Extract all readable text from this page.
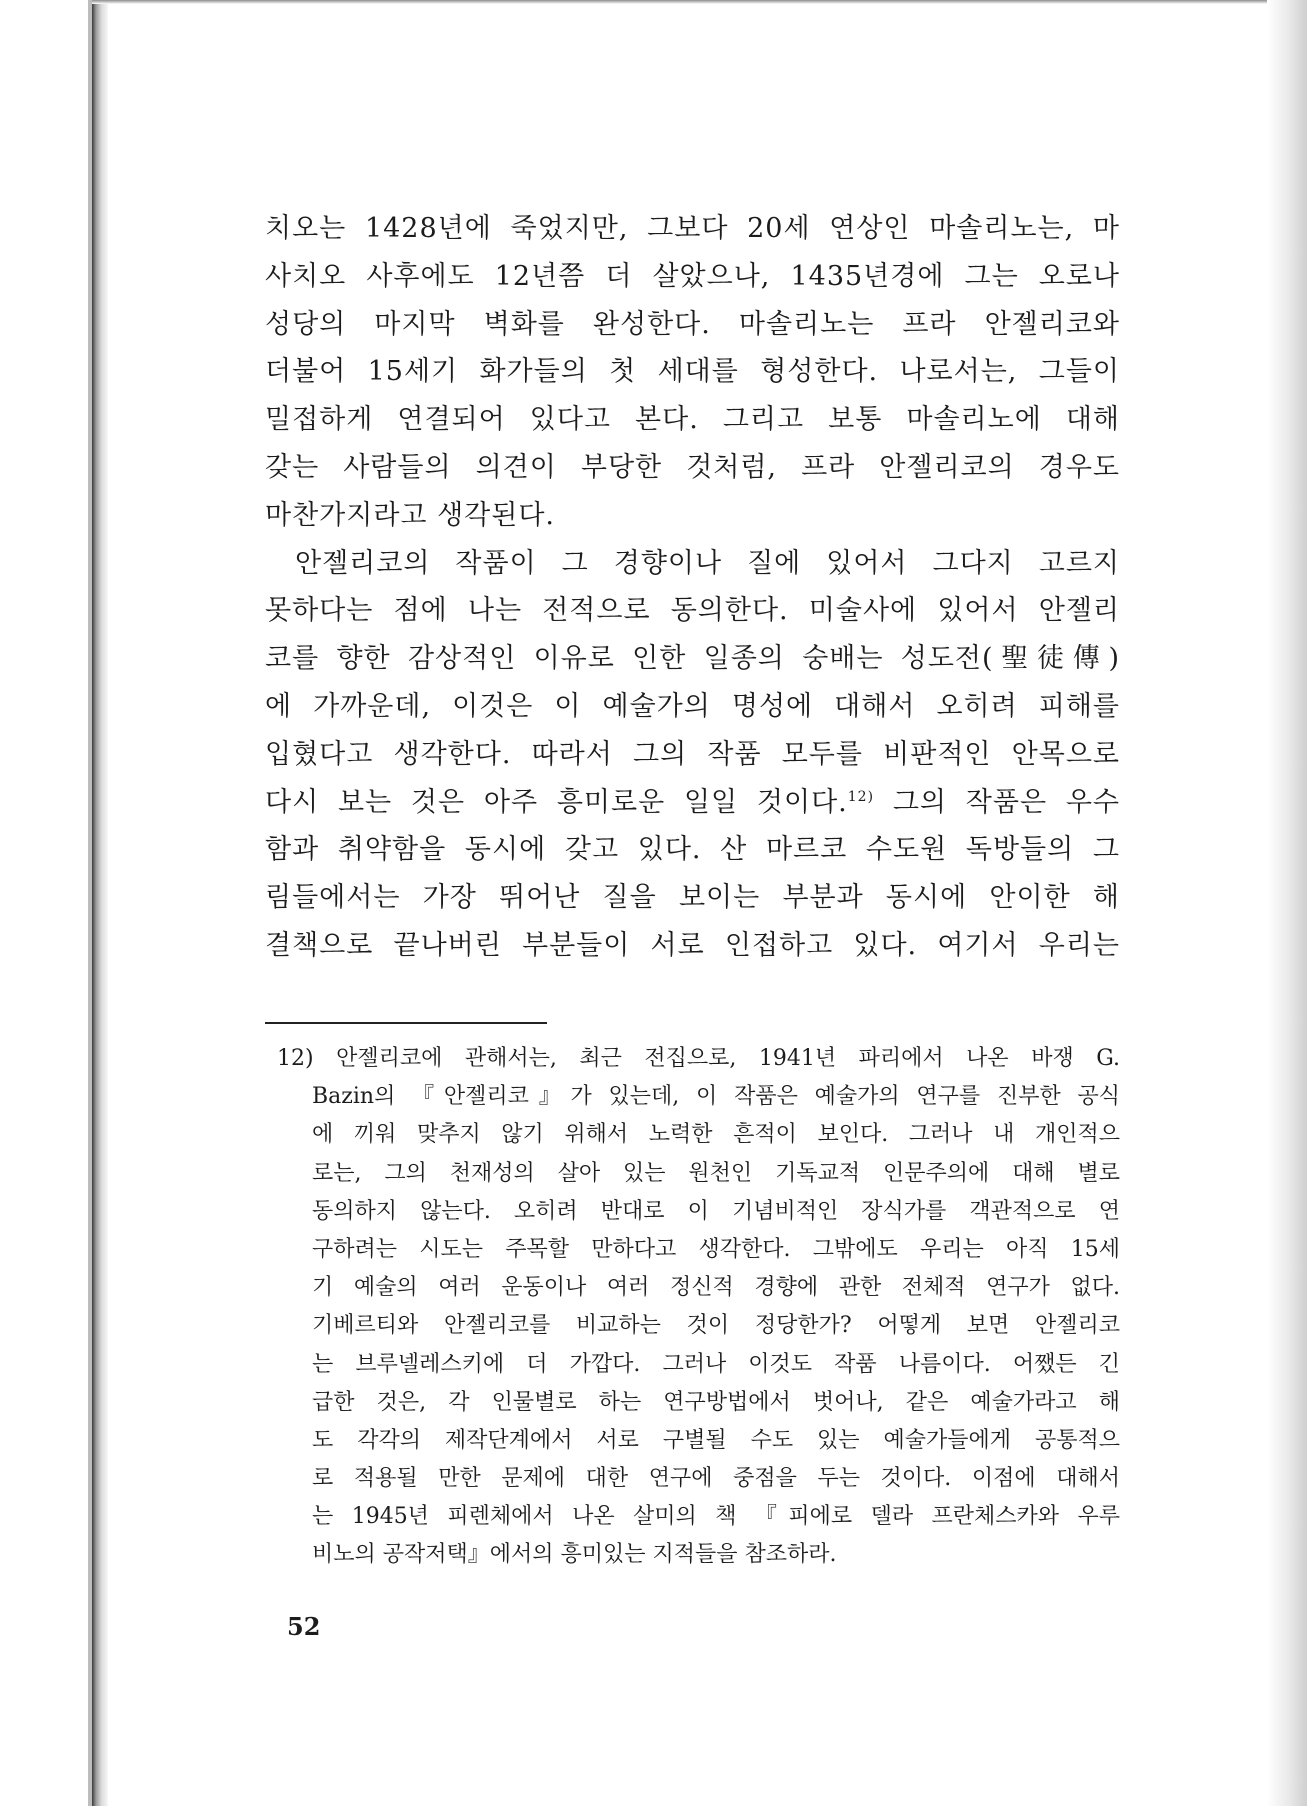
치오는 1428년에 죽었지만, 그보다 20세 연상인 마솔리노는, 마
사치오 사후에도 12년쯤 더 살았으나, 1435년경에 그는 오로나
성당의 마지막 벽화를 완성한다. 마솔리노는 프라 안젤리코와
더불어 15세기 화가들의 첫 세대를 형성한다. 나로서는, 그들이
밀접하게 연결되어 있다고 본다. 그리고 보통 마솔리노에 대해
갖는 사람들의 의견이 부당한 것처럼, 프라 안젤리코의 경우도
마찬가지라고 생각된다.
안젤리코의 작품이 그 경향이나 질에 있어서 그다지 고르지
못하다는 점에 나는 전적으로 동의한다. 미술사에 있어서 안젤리
코를 향한 감상적인 이유로 인한 일종의 숭배는 성도전(聖徒傳)
에 가까운데, 이것은 이 예술가의 명성에 대해서 오히려 피해를
입혔다고 생각한다. 따라서 그의 작품 모두를 비판적인 안목으로
다시 보는 것은 아주 흥미로운 일일 것이다.$^{12)}$ 그의 작품은 우수
함과 취약함을 동시에 갖고 있다. 산 마르코 수도원 독방들의 그
림들에서는 가장 뛰어난 질을 보이는 부분과 동시에 안이한 해
결책으로 끝나버린 부분들이 서로 인접하고 있다. 여기서 우리는
12) 안젤리코에 관해서는, 최근 전집으로, 1941년 파리에서 나온 바쟁 G.
Bazin의 『안젤리코』가 있는데, 이 작품은 예술가의 연구를 진부한 공식
에 끼워 맞추지 않기 위해서 노력한 흔적이 보인다. 그러나 내 개인적으
로는, 그의 천재성의 살아 있는 원천인 기독교적 인문주의에 대해 별로
동의하지 않는다. 오히려 반대로 이 기념비적인 장식가를 객관적으로 연
구하려는 시도는 주목할 만하다고 생각한다. 그밖에도 우리는 아직 15세
기 예술의 여러 운동이나 여러 정신적 경향에 관한 전체적 연구가 없다.
기베르티와 안젤리코를 비교하는 것이 정당한가? 어떻게 보면 안젤리코
는 브루넬레스키에 더 가깝다. 그러나 이것도 작품 나름이다. 어쨌든 긴
급한 것은, 각 인물별로 하는 연구방법에서 벗어나, 같은 예술가라고 해
도 각각의 제작단계에서 서로 구별될 수도 있는 예술가들에게 공통적으
로 적용될 만한 문제에 대한 연구에 중점을 두는 것이다. 이점에 대해서
는 1945년 피렌체에서 나온 살미의 책 『피에로 델라 프란체스카와 우루
비노의 공작저택』에서의 흥미있는 지적들을 참조하라.
52
